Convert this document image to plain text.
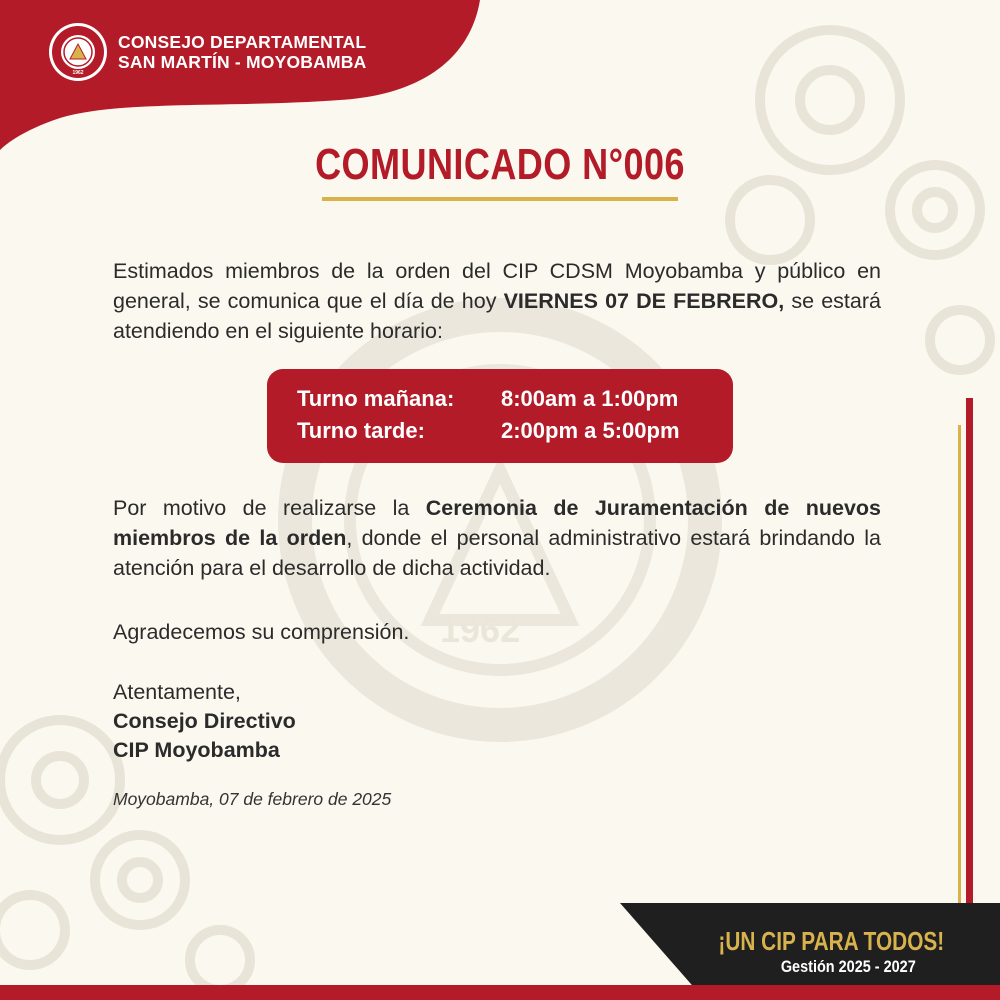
1962
1962
CONSEJO DEPARTAMENTAL
SAN MARTÍN - MOYOBAMBA
COMUNICADO N°006
Estimados miembros de la orden del CIP CDSM Moyobamba y público en general, se comunica que el día de hoy VIERNES 07 DE FEBRERO, se estará atendiendo en el siguiente horario:
Turno mañana:	8:00am a 1:00pm
Turno tarde:	2:00pm a 5:00pm
Por motivo de realizarse la Ceremonia de Juramentación de nuevos miembros de la orden, donde el personal administrativo estará brindando la atención para el desarrollo de dicha actividad.
Agradecemos su comprensión.
Atentamente,
Consejo Directivo
CIP Moyobamba
Moyobamba, 07 de febrero de 2025
¡UN CIP PARA TODOS!
Gestión 2025 - 2027
